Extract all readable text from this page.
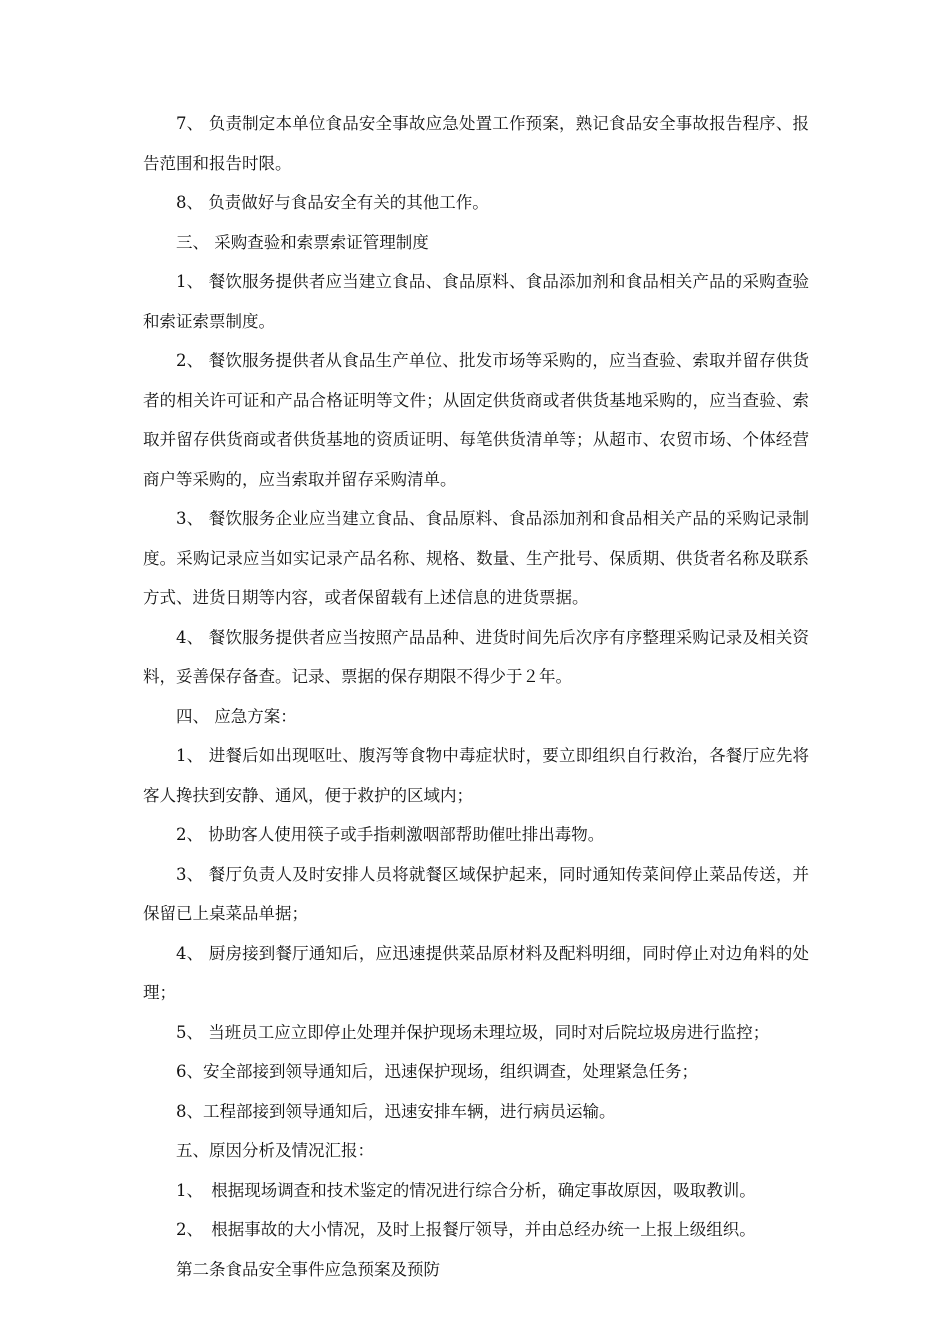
7、 负责制定本单位食品安全事故应急处置工作预案，熟记食品安全事故报告程序、报告范围和报告时限。

8、 负责做好与食品安全有关的其他工作。

三、 采购查验和索票索证管理制度

1、 餐饮服务提供者应当建立食品、食品原料、食品添加剂和食品相关产品的采购查验和索证索票制度。

2、 餐饮服务提供者从食品生产单位、批发市场等采购的，应当查验、索取并留存供货者的相关许可证和产品合格证明等文件；从固定供货商或者供货基地采购的，应当查验、索取并留存供货商或者供货基地的资质证明、每笔供货清单等；从超市、农贸市场、个体经营商户等采购的，应当索取并留存采购清单。

3、 餐饮服务企业应当建立食品、食品原料、食品添加剂和食品相关产品的采购记录制度。采购记录应当如实记录产品名称、规格、数量、生产批号、保质期、供货者名称及联系方式、进货日期等内容，或者保留载有上述信息的进货票据。

4、 餐饮服务提供者应当按照产品品种、进货时间先后次序有序整理采购记录及相关资料，妥善保存备查。记录、票据的保存期限不得少于２年。

四、 应急方案：

1、 进餐后如出现呕吐、腹泻等食物中毒症状时，要立即组织自行救治，各餐厅应先将客人搀扶到安静、通风，便于救护的区域内；

2、 协助客人使用筷子或手指刺激咽部帮助催吐排出毒物。

3、 餐厅负责人及时安排人员将就餐区域保护起来，同时通知传菜间停止菜品传送，并保留已上桌菜品单据；

4、 厨房接到餐厅通知后，应迅速提供菜品原材料及配料明细，同时停止对边角料的处理；

5、 当班员工应立即停止处理并保护现场未理垃圾，同时对后院垃圾房进行监控；

6、安全部接到领导通知后，迅速保护现场，组织调查，处理紧急任务；

8、工程部接到领导通知后，迅速安排车辆，进行病员运输。

五、原因分析及情况汇报：

1、　根据现场调查和技术鉴定的情况进行综合分析，确定事故原因，吸取教训。

2、　根据事故的大小情况，及时上报餐厅领导，并由总经办统一上报上级组织。

第二条食品安全事件应急预案及预防
